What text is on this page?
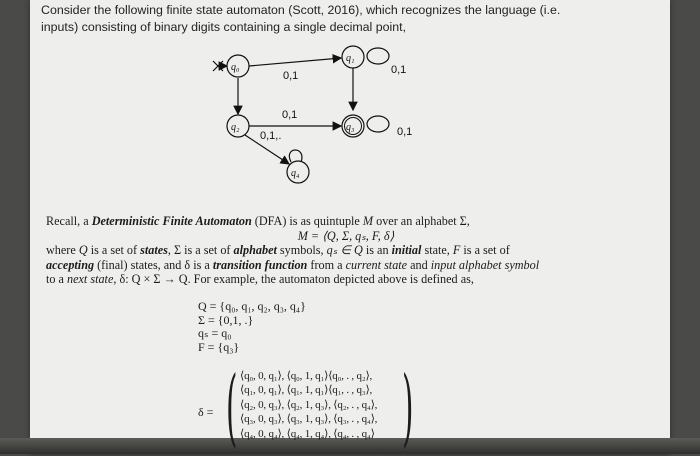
Consider the following finite state automaton (Scott, 2016), which recognizes the language (i.e.
inputs) consisting of binary digits containing a single decimal point,
0,1
0,1
0,1,.
0,1
0,1
q₀
q₁
q₂	q₃
q₄

Recall, a Deterministic Finite Automaton (DFA) is as quintuple M over an alphabet Σ,

M = ⟨Q, Σ, qₛ, F, δ⟩

where Q is a set of states, Σ is a set of alphabet symbols, qₛ ∈ Q is an initial state, F is a set of

accepting (final) states, and δ is a transition function from a current state and input alphabet symbol

to a next state, δ: Q × Σ → Q. For example, the automaton depicted above is defined as,

Q = {q₀, q₁, q₂, q₃, q₄}
Σ = {0,1, .}
qₛ = q₀
F = {q₃}
δ = ( ⟨q₀, 0, q₁⟩, ⟨q₀, 1, q₁⟩⟨q₀, . , q₂⟩,
⟨q₁, 0, q₁⟩, ⟨q₁, 1, q₁⟩⟨q₁, . , q₃⟩,
⟨q₂, 0, q₃⟩, ⟨q₂, 1, q₃⟩, ⟨q₂, . , q₄⟩,
⟨q₃, 0, q₃⟩, ⟨q₃, 1, q₃⟩, ⟨q₃, . , q₄⟩,
⟨q₄, 0, q₄⟩, ⟨q₄, 1, q₄⟩, ⟨q₄, . , q₄⟩ )
